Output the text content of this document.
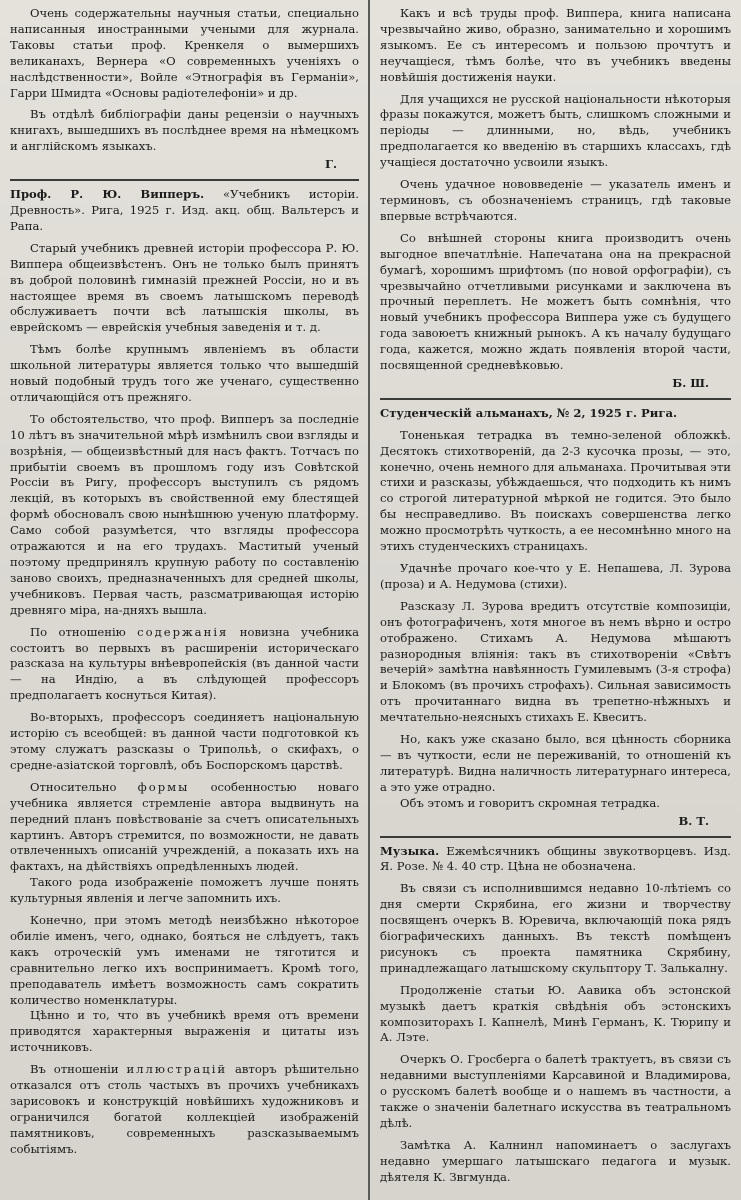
Очень содержательны научныя статьи, специально написанныя иностранными учеными для журнала. Таковы статьи проф. Кренкеля о вымершихъ великанахъ, Вернера «О современныхъ ученiяхъ о наслѣдственности», Войле «Этнографiя въ Германiи», Гарри Шмидта «Основы радiотелефонiи» и др.

Въ отдѣлѣ библiографiи даны рецензiи о научныхъ книгахъ, вышедшихъ въ послѣднее время на нѣмецкомъ и англiйскомъ языкахъ.

Г.

Проф. Р. Ю. Випперъ. «Учебникъ исторiи. Древность». Рига, 1925 г. Изд. акц. общ. Вальтерсъ и Рапа.

Старый учебникъ древней исторiи профессора Р. Ю. Виппера общеизвѣстенъ. Онъ не только былъ принятъ въ доброй половинѣ гимназiй прежней Россiи, но и въ настоящее время въ своемъ латышскомъ переводѣ обслуживаетъ почти всѣ латышскiя школы, въ еврейскомъ — еврейскiя учебныя заведенiя и т. д.

Тѣмъ болѣе крупнымъ явленiемъ въ области школьной литературы является только что вышедшiй новый подобный трудъ того же ученаго, существенно отличающiйся отъ прежняго.

То обстоятельство, что проф. Випперъ за последнiе 10 лѣтъ въ значительной мѣрѣ измѣнилъ свои взгляды и возрѣнiя, — общеизвѣстный для насъ фактъ. Тотчасъ по прибытiи своемъ въ прошломъ году изъ Совѣтской Россiи въ Ригу, профессоръ выступилъ съ рядомъ лекцiй, въ которыхъ въ свойственной ему блестящей формѣ обосновалъ свою нынѣшнюю ученую платформу. Само собой разумѣется, что взгляды профессора отражаются и на его трудахъ. Маститый ученый поэтому предпринялъ крупную работу по составленiю заново своихъ, предназначенныхъ для средней школы, учебниковъ. Первая часть, разсматривающая исторiю древняго мiра, на-дняхъ вышла.

По отношенiю содержанiя новизна учебника состоитъ во первыхъ въ расширенiи историческаго разсказа на культуры внѣевропейскiя (въ данной части — на Индiю, а въ слѣдующей профессоръ предполагаетъ коснуться Китая).

Во-вторыхъ, профессоръ соединяетъ нацiональную исторiю съ всеобщей: въ данной части подготовкой къ этому служатъ разсказы о Трипольѣ, о скифахъ, о средне-азiатской торговлѣ, объ Боспорскомъ царствѣ.

Относительно формы особенностью новаго учебника является стремленiе автора выдвинуть на передний планъ повѣствованiе за счетъ описательныхъ картинъ. Авторъ стремится, по возможности, не давать отвлеченныхъ описанiй учрежденiй, а показать ихъ на фактахъ, на дѣйствiяхъ опредѣленныхъ людей.

Такого рода изображенiе поможетъ лучше понять культурныя явленiя и легче запомнить ихъ.

Конечно, при этомъ методѣ неизбѣжно нѣкоторое обилiе именъ, чего, однако, бояться не слѣдуетъ, такъ какъ отроческiй умъ именами не тяготится и сравнительно легко ихъ воспринимаетъ. Кромѣ того, преподаватель имѣетъ возможность самъ сократить количество номенклатуры.

Цѣнно и то, что въ учебникѣ время отъ времени приводятся характерныя выраженiя и цитаты изъ источниковъ.

Въ отношенiи иллюстрацiй авторъ рѣшительно отказался отъ столь частыхъ въ прочихъ учебникахъ зарисовокъ и конструкцiй новѣйшихъ художниковъ и ограничился богатой коллекцiей изображенiй памятниковъ, современныхъ разсказываемымъ событiямъ.

Какъ и всѣ труды проф. Виппера, книга написана чрезвычайно живо, образно, занимательно и хорошимъ языкомъ. Ее съ интересомъ и пользою прочтутъ и неучащiеся, тѣмъ болѣе, что въ учебникъ введены новѣйшiя достиженiя науки.

Для учащихся не русской нацiональности нѣкоторыя фразы покажутся, можетъ быть, слишкомъ сложными и перiоды — длинными, но, вѣдь, учебникъ предполагается ко введенiю въ старшихъ классахъ, гдѣ учащiеся достаточно усвоили языкъ.

Очень удачное нововведенiе — указатель именъ и терминовъ, съ обозначенiемъ страницъ, гдѣ таковые впервые встрѣчаются.

Со внѣшней стороны книга производитъ очень выгодное впечатлѣнiе. Напечатана она на прекрасной бумагѣ, хорошимъ шрифтомъ (по новой орфографiи), съ чрезвычайно отчетливыми рисунками и заключена въ прочный переплетъ. Не можетъ быть сомнѣнiя, что новый учебникъ профессора Виппера уже съ будущего года завоюетъ книжный рынокъ. А къ началу будущаго года, кажется, можно ждать появленiя второй части, посвященной средневѣковью.

Б. Ш.

Студенческiй альманахъ, № 2, 1925 г. Рига.

Тоненькая тетрадка въ темно-зеленой обложкѣ. Десятокъ стихотворенiй, да 2-3 кусочка прозы, — это, конечно, очень немного для альманаха. Прочитывая эти стихи и разсказы, убѣждаешься, что подходить къ нимъ со строгой литературной мѣркой не годится. Это было бы несправедливо. Въ поискахъ совершенства легко можно просмотрѣть чуткость, а ее несомнѣнно много на этихъ студенческихъ страницахъ.

Удачнѣе прочаго кое-что у Е. Непашева, Л. Зурова (проза) и А. Недумова (стихи).

Разсказу Л. Зурова вредитъ отсутствiе композицiи, онъ фотографиченъ, хотя многое въ немъ вѣрно и остро отображено. Стихамъ А. Недумова мѣшаютъ разнородныя влiянiя: такъ въ стихотворенiи «Свѣтъ вечерiй» замѣтна навѣянность Гумилевымъ (3-я строфа) и Блокомъ (въ прочихъ строфахъ). Сильная зависимость отъ прочитаннаго видна въ трепетно-нѣжныхъ и мечтательно-неясныхъ стихахъ Е. Квеситъ.

Но, какъ уже сказано было, вся цѣнность сборника — въ чуткости, если не переживанiй, то отношенiй къ литературѣ. Видна наличность литературнаго интереса, а это уже отрадно.

Объ этомъ и говоритъ скромная тетрадка.

В. Т.

Музыка. Ежемѣсячникъ общины звукотворцевъ. Изд. Я. Розе. № 4. 40 стр. Цѣна не обозначена.

Въ связи съ исполнившимся недавно 10-лѣтiемъ со дня смерти Скрябина, его жизни и творчеству посвященъ очеркъ В. Юревича, включающiй пока рядъ бiографическихъ данныхъ. Въ текстѣ помѣщенъ рисунокъ съ проекта памятника Скрябину, принадлежащаго латышскому скульптору Т. Залькалну.

Продолженiе статьи Ю. Аавика объ эстонской музыкѣ даетъ краткiя свѣдѣнiя объ эстонскихъ композиторахъ I. Капнелѣ, Минѣ Германъ, К. Тюрипу и А. Лэте.

Очеркъ О. Гросберга о балетѣ трактуетъ, въ связи съ недавними выступленiями Карсавиной и Владимирова, о русскомъ балетѣ вообще и о нашемъ въ частности, а также о значенiи балетнаго искусства въ театральномъ дѣлѣ.

Замѣтка А. Калнинл напоминаетъ о заслугахъ недавно умершаго латышскаго педагога и музык. дѣятеля К. Звгмунда.
